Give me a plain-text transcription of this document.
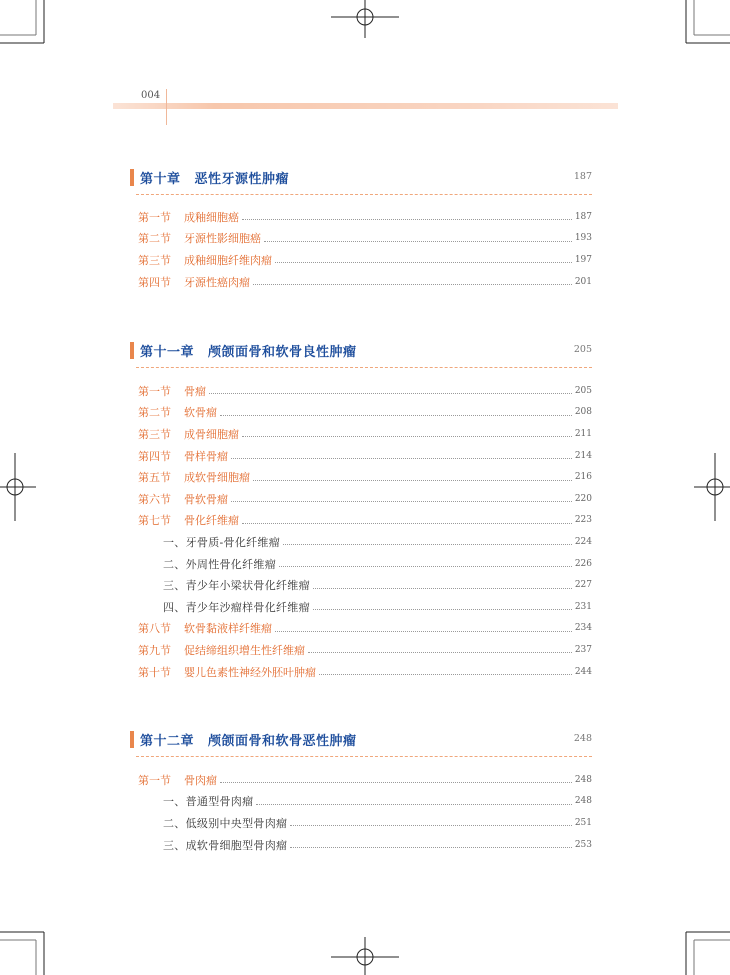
004
第十章 恶性牙源性肿瘤	187
第一节 成釉细胞癌	187
第二节 牙源性影细胞癌	193
第三节 成釉细胞纤维肉瘤	197
第四节 牙源性癌肉瘤	201
第十一章 颅颌面骨和软骨良性肿瘤	205
第一节 骨瘤	205
第二节 软骨瘤	208
第三节 成骨细胞瘤	211
第四节 骨样骨瘤	214
第五节 成软骨细胞瘤	216
第六节 骨软骨瘤	220
第七节 骨化纤维瘤	223
一、牙骨质-骨化纤维瘤	224
二、外周性骨化纤维瘤	226
三、青少年小梁状骨化纤维瘤	227
四、青少年沙瘤样骨化纤维瘤	231
第八节 软骨黏液样纤维瘤	234
第九节 促结缔组织增生性纤维瘤	237
第十节 婴儿色素性神经外胚叶肿瘤	244
第十二章 颅颌面骨和软骨恶性肿瘤	248
第一节 骨肉瘤	248
一、普通型骨肉瘤	248
二、低级别中央型骨肉瘤	251
三、成软骨细胞型骨肉瘤	253
